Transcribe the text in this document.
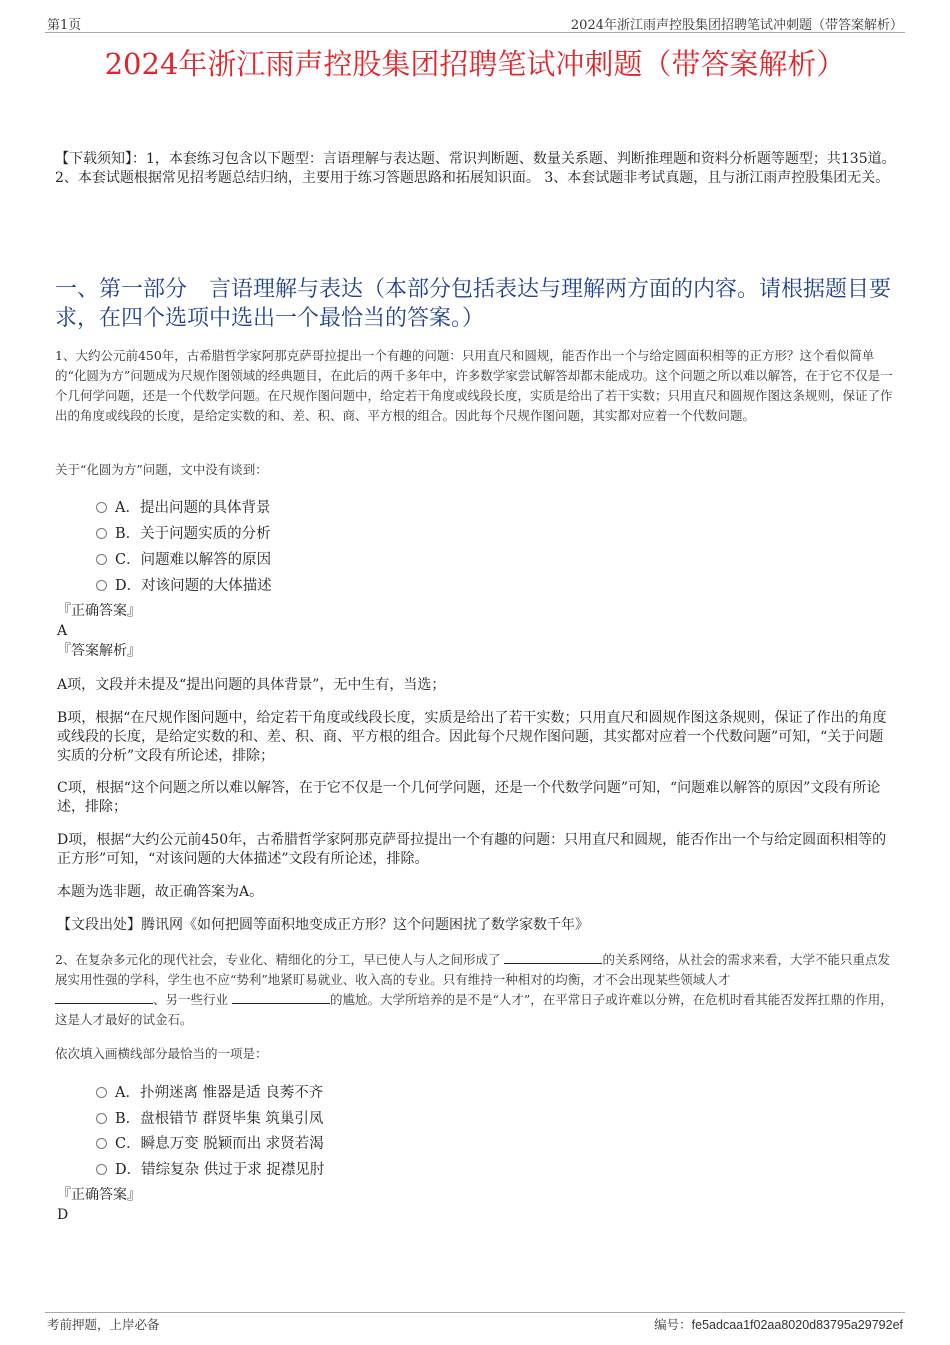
第1页	2024年浙江雨声控股集团招聘笔试冲刺题（带答案解析）
2024年浙江雨声控股集团招聘笔试冲刺题（带答案解析）
【下载须知】：1，本套练习包含以下题型：言语理解与表达题、常识判断题、数量关系题、判断推理题和资料分析题等题型；共135道。 2、本套试题根据常见招考题总结归纳，主要用于练习答题思路和拓展知识面。 3、本套试题非考试真题，且与浙江雨声控股集团无关。
一、第一部分　言语理解与表达（本部分包括表达与理解两方面的内容。请根据题目要求，在四个选项中选出一个最恰当的答案。）
1、大约公元前450年，古希腊哲学家阿那克萨哥拉提出一个有趣的问题：只用直尺和圆规，能否作出一个与给定圆面积相等的正方形？这个看似简单的“化圆为方”问题成为尺规作图领域的经典题目，在此后的两千多年中，许多数学家尝试解答却都未能成功。这个问题之所以难以解答，在于它不仅是一个几何学问题，还是一个代数学问题。在尺规作图问题中，给定若干角度或线段长度，实质是给出了若干实数；只用直尺和圆规作图这条规则，保证了作出的角度或线段的长度，是给定实数的和、差、积、商、平方根的组合。因此每个尺规作图问题，其实都对应着一个代数问题。
关于“化圆为方”问题，文中没有谈到：
A．提出问题的具体背景
B．关于问题实质的分析
C．问题难以解答的原因
D．对该问题的大体描述
『正确答案』
A
『答案解析』
A项，文段并未提及“提出问题的具体背景”，无中生有，当选；
B项，根据“在尺规作图问题中，给定若干角度或线段长度，实质是给出了若干实数；只用直尺和圆规作图这条规则，保证了作出的角度或线段的长度，是给定实数的和、差、积、商、平方根的组合。因此每个尺规作图问题，其实都对应着一个代数问题”可知，“关于问题实质的分析”文段有所论述，排除；
C项，根据“这个问题之所以难以解答，在于它不仅是一个几何学问题，还是一个代数学问题”可知，“问题难以解答的原因”文段有所论述，排除；
D项，根据“大约公元前450年，古希腊哲学家阿那克萨哥拉提出一个有趣的问题：只用直尺和圆规，能否作出一个与给定圆面积相等的正方形”可知，“对该问题的大体描述”文段有所论述，排除。
本题为选非题，故正确答案为A。
【文段出处】腾讯网《如何把圆等面积地变成正方形？这个问题困扰了数学家数千年》
2、在复杂多元化的现代社会，专业化、精细化的分工，早已使人与人之间形成了	的关系网络，从社会的需求来看，大学不能只重点发展实用性强的学科，学生也不应“势利”地紧盯易就业、收入高的专业。只有维持一种相对的均衡，才不会出现某些领域人才
、另一些行业	的尴尬。大学所培养的是不是“人才”，在平常日子或许难以分辨，在危机时看其能否发挥扛鼎的作用，这是人才最好的试金石。
依次填入画横线部分最恰当的一项是：
A．扑朔迷离 惟器是适 良莠不齐
B．盘根错节 群贤毕集 筑巢引凤
C．瞬息万变 脱颖而出 求贤若渴
D．错综复杂 供过于求 捉襟见肘
『正确答案』
D
考前押题，上岸必备	编号：fe5adcaa1f02aa8020d83795a29792ef
